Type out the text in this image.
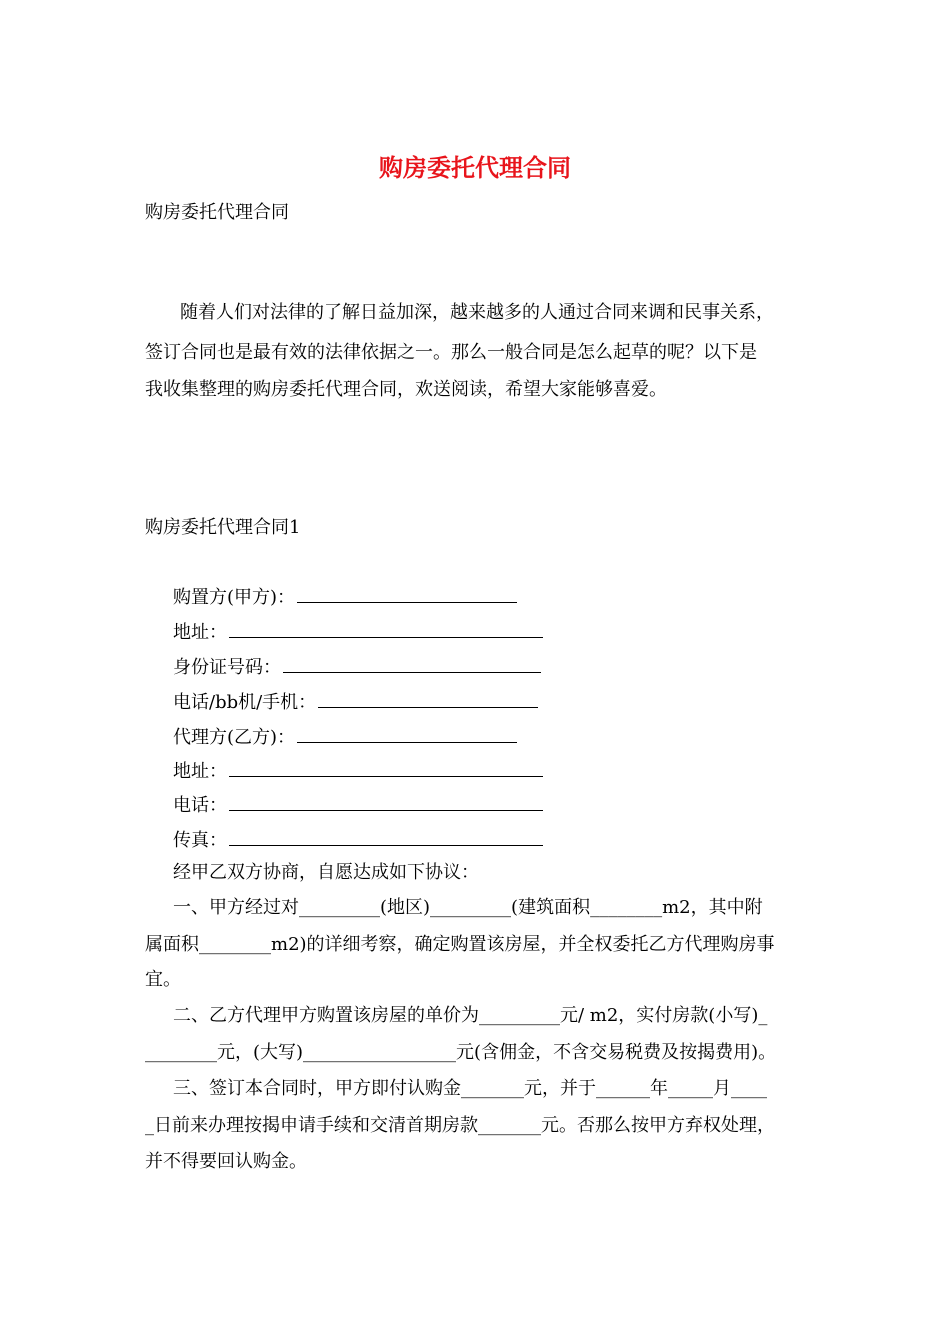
购房委托代理合同

购房委托代理合同

随着人们对法律的了解日益加深，越来越多的人通过合同来调和民事关系，

签订合同也是最有效的法律依据之一。那么一般合同是怎么起草的呢？以下是

我收集整理的购房委托代理合同，欢送阅读，希望大家能够喜爱。

购房委托代理合同1

购置方(甲方)：
地址：
身份证号码：
电话/bb机/手机：
代理方(乙方)：
地址：
电话：
传真：

经甲乙双方协商，自愿达成如下协议：

一、甲方经过对_________(地区)_________(建筑面积________m2，其中附

属面积________m2)的详细考察，确定购置该房屋，并全权委托乙方代理购房事

宜。

二、乙方代理甲方购置该房屋的单价为_________元/ m2，实付房款(小写)_

________元，(大写)_________________元(含佣金，不含交易税费及按揭费用)。

三、签订本合同时，甲方即付认购金_______元，并于______年_____月____

_日前来办理按揭申请手续和交清首期房款_______元。否那么按甲方弃权处理，

并不得要回认购金。
